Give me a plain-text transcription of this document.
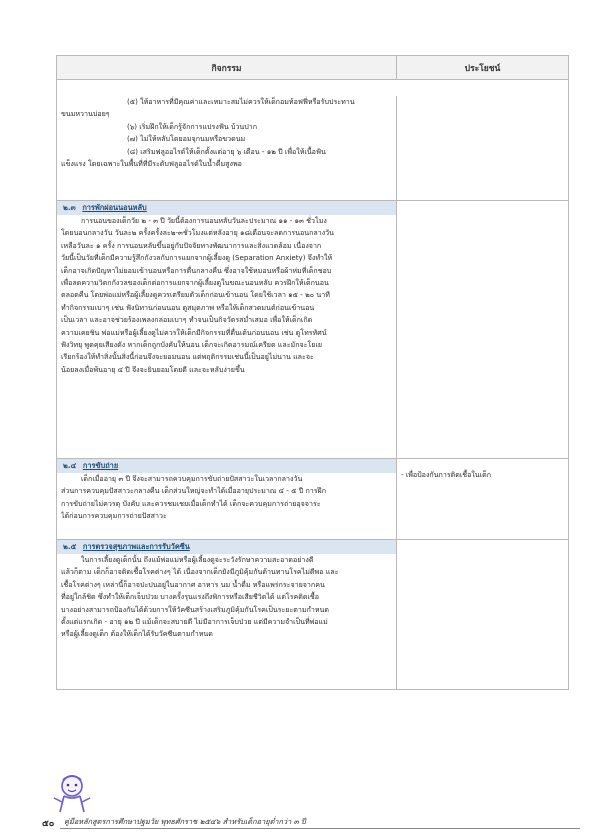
กิจกรรม	ประโยชน์
(๕) ให้อาหารที่มีคุณค่าและเหมาะสมไม่ควรให้เด็กอมท้อฟฟี่หรือรับประทาน
ขนมหวานบ่อยๆ
(๖) เริ่มฝึกให้เด็กรู้จักการแปรงฟัน บ้วนปาก
(๗) ไม่ให้หลับโดยอมจุกนมหรือขวดนม
(๘) เสริมฟลูออไรด์ให้เด็กตั้งแต่อายุ ๖ เดือน - ๑๒ ปี เพื่อให้เนื้อฟัน
แข็งแรง โดยเฉพาะในพื้นที่ที่มีระดับฟลูออไรด์ในน้ำดื่มสูงพอ
๒.๓ การพักผ่อนนอนหลับ
การนอนของเด็กวัย ๒ - ๓ ปี วัยนี้ต้องการนอนหลับวันละประมาณ ๑๑ - ๑๓ ชั่วโมง
โดยนอนกลางวัน วันละ๒ ครั้งครั้งละ๒-๓ชั่วโมงแต่หลังอายุ ๑๘เดือนจะลดการนอนกลางวัน
เหลือวันละ ๑ ครั้ง การนอนหลับขึ้นอยู่กับปัจจัยทางพัฒนาการและสิ่งแวดล้อม เนื่องจาก
วัยนี้เป็นวัยที่เด็กมีความรู้สึกกังวลกับการแยกจากผู้เลี้ยงดู (Separation Anxiety) จึงทำให้
เด็กอาจเกิดปัญหาไม่ยอมเข้านอนหรือการตื่นกลางคืน ซึ่งอาจใช้หมอนหรือผ้าห่มที่เด็กชอบ
เพื่อลดความวิตกกังวลของเด็กต่อการแยกจากผู้เลี้ยงดูในขณะนอนหลับ ควรฝึกให้เด็กนอน
ตลอดคืน โดยพ่อแม่หรือผู้เลี้ยงดูควรเตรียมตัวเด็กก่อนเข้านอน โดยใช้เวลา ๑๕ - ๒๐ นาที
ทำกิจกรรมเบาๆ เช่น ฟังนิทานก่อนนอน ดูสมุดภาพ หรือให้เด็กสวดมนต์ก่อนเข้านอน
เป็นเวลา และอาจช่วยร้องเพลงกล่อมเบาๆ ทำจนเป็นกิจวัตรสม่ำเสมอ เพื่อให้เด็กเกิด
ความเคยชิน พ่อแม่หรือผู้เลี้ยงดูไม่ควรให้เด็กมีกิจกรรมที่ตื่นเต้นก่อนนอน เช่น ดูโทรทัศน์
ฟังวิทยุ พูดคุยเสียงดัง หากเด็กถูกบังคับให้นอน เด็กจะเกิดอารมณ์เครียด และมักจะโยเย
เรียกร้องให้ทำสิ่งนั้นสิ่งนี้ก่อนจึงจะยอมนอน แต่พฤติกรรมเช่นนี้เป็นอยู่ไม่นาน และจะ
น้อยลงเมื่อพ้นอายุ ๔ ปี จึงจะยินยอมโดยดี และจะหลับง่ายขึ้น
๒.๔ การขับถ่าย
เด็กเมื่ออายุ ๓ ปี จึงจะสามารถควบคุมการขับถ่ายปัสสาวะในเวลากลางวัน
ส่วนการควบคุมปัสสาวะกลางคืน เด็กส่วนใหญ่จะทำได้เมื่ออายุประมาณ ๔ - ๕ ปี การฝึก
การขับถ่ายไม่ควรดุ บังคับ และควรชมเชยเมื่อเด็กทำได้ เด็กจะควบคุมการถ่ายอุจจาระ
ได้ก่อนการควบคุมการถ่ายปัสสาวะ
- เพื่อป้องกันการติดเชื้อในเด็ก
๒.๕ การตรวจสุขภาพและการรับวัคซีน
ในการเลี้ยงดูเด็กนั้น ถึงแม้พ่อแม่หรือผู้เลี้ยงดูจะระวังรักษาความสะอาดอย่างดี
แล้วก็ตาม เด็กก็อาจติดเชื้อโรคต่างๆ ได้ เนื่องจากเด็กยังมีภูมิคุ้มกันต้านทานโรคไม่ดีพอ และ
เชื้อโรคต่างๆ เหล่านี้ก็อาจปะปนอยู่ในอากาศ อาหาร นม น้ำดื่ม หรือแพร่กระจายจากคน
ที่อยู่ใกล้ชิด ซึ่งทำให้เด็กเจ็บป่วย บางครั้งรุนแรงถึงพิการหรือเสียชีวิตได้ แต่โรคติดเชื้อ
บางอย่างสามารถป้องกันได้ด้วยการให้วัคซีนสร้างเสริมภูมิคุ้มกันโรคเป็นระยะตามกำหนด
ตั้งแต่แรกเกิด - อายุ ๑๒ ปี แม้เด็กจะสบายดี ไม่มีอาการเจ็บป่วย แต่มีความจำเป็นที่พ่อแม่
หรือผู้เลี้ยงดูเด็ก ต้องให้เด็กได้รับวัคซีนตามกำหนด
๕๐ คู่มือหลักสูตรการศึกษาปฐมวัย พุทธศักราช ๒๕๔๖ สำหรับเด็กอายุต่ำกว่า ๓ ปี
